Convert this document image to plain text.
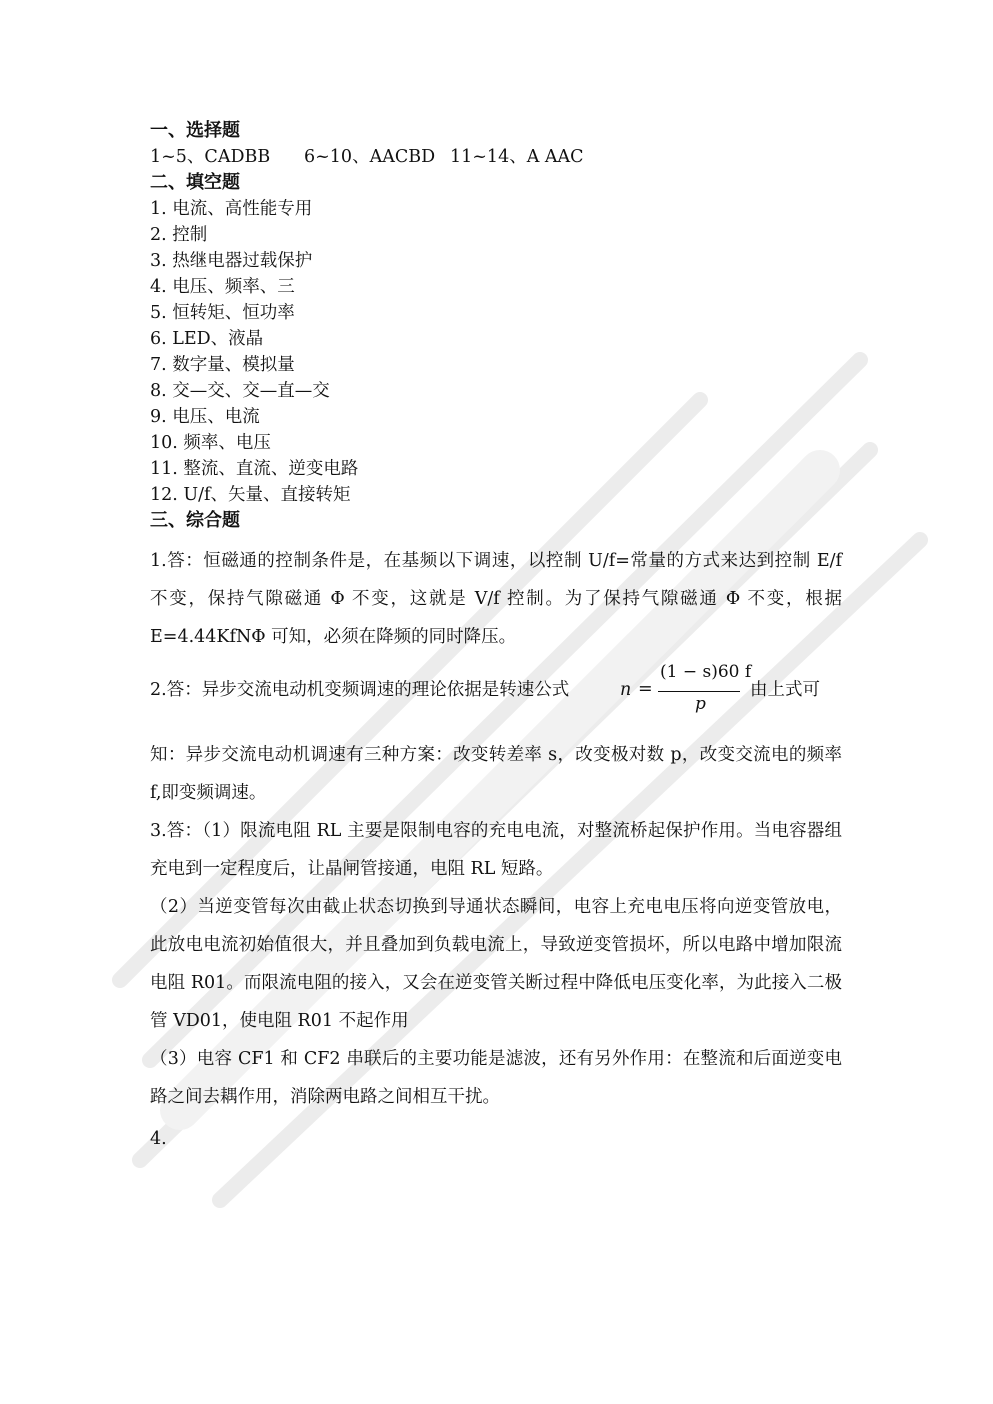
一、选择题
1~5、CADBB 6~10、AACBD 11~14、A AAC
二、填空题
1. 电流、高性能专用
2. 控制
3. 热继电器过载保护
4. 电压、频率、三
5. 恒转矩、恒功率
6. LED、液晶
7. 数字量、模拟量
8. 交—交、交—直—交
9. 电压、电流
10. 频率、电压
11. 整流、直流、逆变电路
12. U/f、矢量、直接转矩
三、综合题
1.答：恒磁通的控制条件是，在基频以下调速，以控制 U/f=常量的方式来达到控制 E/f 不变，保持气隙磁通 Φ 不变，这就是 V/f 控制。为了保持气隙磁通 Φ 不变，根据 E=4.44KfNΦ 可知，必须在降频的同时降压。
2.答：异步交流电动机变频调速的理论依据是转速公式	n =
(1 − s)60 f
p
由上式可
知：异步交流电动机调速有三种方案：改变转差率 s，改变极对数 p，改变交流电的频率 f,即变频调速。
3.答：（1）限流电阻 RL 主要是限制电容的充电电流，对整流桥起保护作用。当电容器组充电到一定程度后，让晶闸管接通，电阻 RL 短路。
（2）当逆变管每次由截止状态切换到导通状态瞬间，电容上充电电压将向逆变管放电，此放电电流初始值很大，并且叠加到负载电流上，导致逆变管损坏，所以电路中增加限流电阻 R01。而限流电阻的接入，又会在逆变管关断过程中降低电压变化率，为此接入二极管 VD01，使电阻 R01 不起作用
（3）电容 CF1 和 CF2 串联后的主要功能是滤波，还有另外作用：在整流和后面逆变电路之间去耦作用，消除两电路之间相互干扰。
4.
